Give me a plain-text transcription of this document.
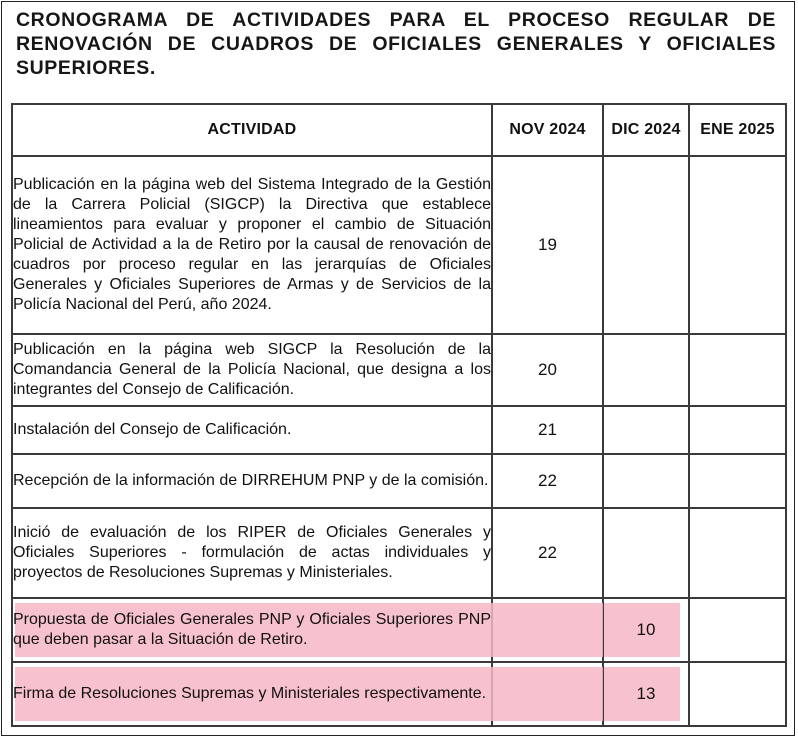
CRONOGRAMA DE ACTIVIDADES PARA EL PROCESO REGULAR DE RENOVACIÓN DE CUADROS DE OFICIALES GENERALES Y OFICIALES SUPERIORES.
ACTIVIDAD	NOV 2024	DIC 2024	ENE 2025
Publicación en la página web del Sistema Integrado de la Gestión de la Carrera Policial (SIGCP) la Directiva que establece lineamientos para evaluar y proponer el cambio de Situación Policial de Actividad a la de Retiro por la causal de renovación de cuadros por proceso regular en las jerarquías de Oficiales Generales y Oficiales Superiores de Armas y de Servicios de la Policía Nacional del Perú, año 2024.	19		
Publicación en la página web SIGCP la Resolución de la Comandancia General de la Policía Nacional, que designa a los integrantes del Consejo de Calificación.	20		
Instalación del Consejo de Calificación.	21		
Recepción de la información de DIRREHUM PNP y de la comisión.	22		
Inició de evaluación de los RIPER de Oficiales Generales y Oficiales Superiores - formulación de actas individuales y proyectos de Resoluciones Supremas y Ministeriales.	22		

Propuesta de Oficiales Generales PNP y Oficiales Superiores PNP que deben pasar a la Situación de Retiro.		10	

Firma de Resoluciones Supremas y Ministeriales respectivamente.		13	
